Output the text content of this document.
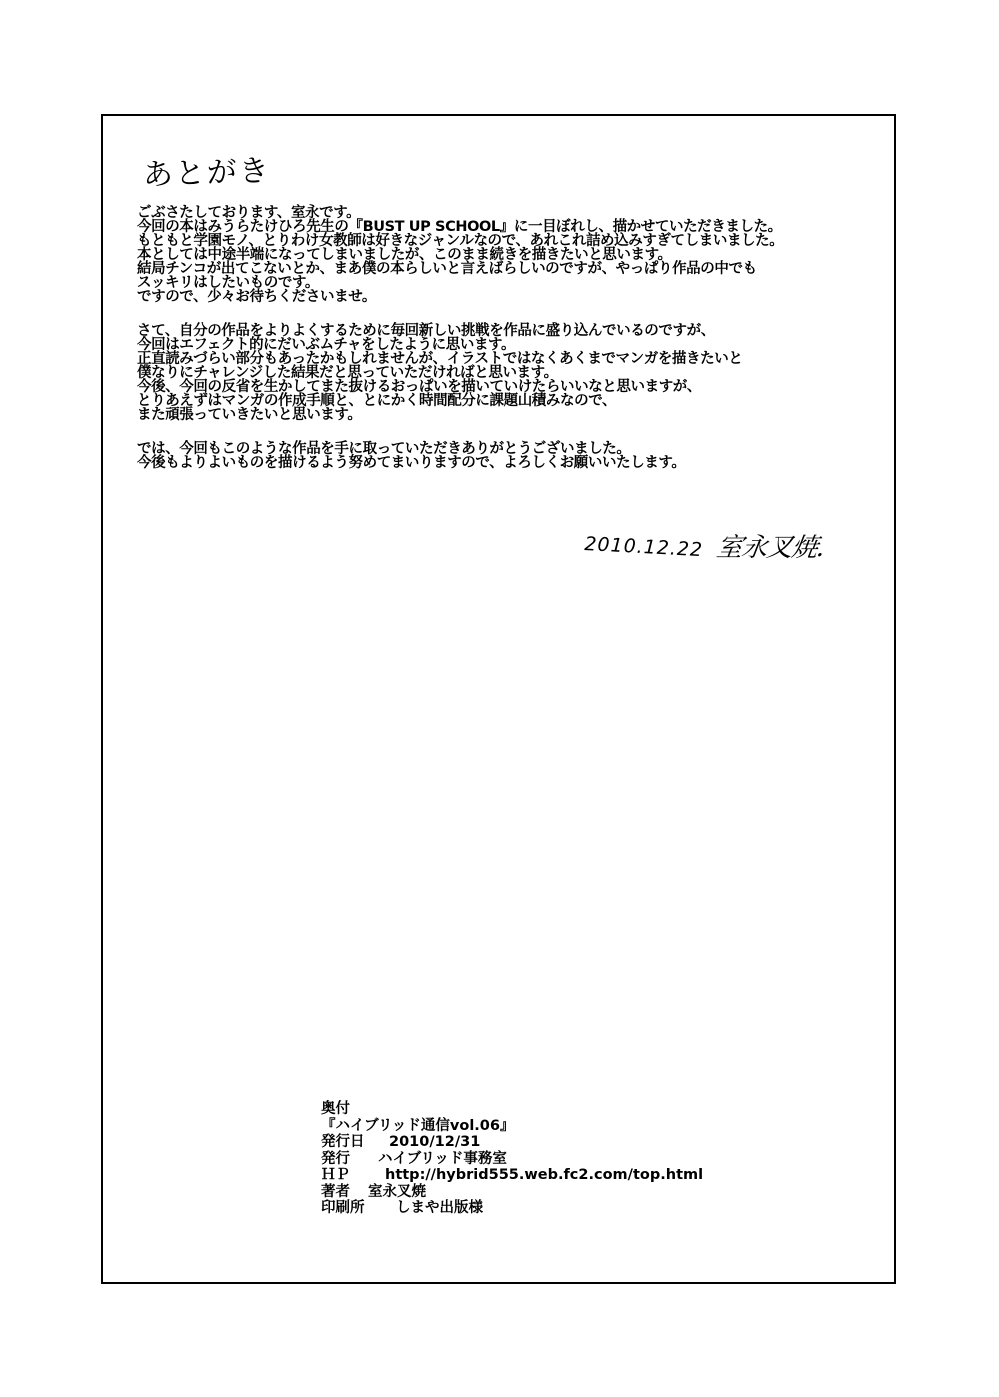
あとがき

ごぶさたしております、室永です。
今回の本はみうらたけひろ先生の『BUST UP SCHOOL』に一目ぼれし、描かせていただきました。
もともと学園モノ、とりわけ女教師は好きなジャンルなので、あれこれ詰め込みすぎてしまいました。
本としては中途半端になってしまいましたが、このまま続きを描きたいと思います。
結局チンコが出てこないとか、まあ僕の本らしいと言えばらしいのですが、やっぱり作品の中でも
スッキリはしたいものです。
ですので、少々お待ちくださいませ。

さて、自分の作品をよりよくするために毎回新しい挑戦を作品に盛り込んでいるのですが、
今回はエフェクト的にだいぶムチャをしたように思います。
正直読みづらい部分もあったかもしれませんが、イラストではなくあくまでマンガを描きたいと
僕なりにチャレンジした結果だと思っていただければと思います。
今後、今回の反省を生かしてまた抜けるおっぱいを描いていけたらいいなと思いますが、
とりあえずはマンガの作成手順と、とにかく時間配分に課題山積みなので、
また頑張っていきたいと思います。

では、今回もこのような作品を手に取っていただきありがとうございました。
今後もよりよいものを描けるよう努めてまいりますので、よろしくお願いいたします。

2010.12.22 室永叉焼.
奥付
『ハイブリッド通信vol.06』
発行日 2010/12/31
発行 ハイブリッド事務室
ＨＰ http://hybrid555.web.fc2.com/top.html
著者 室永叉焼
印刷所 しまや出版様
